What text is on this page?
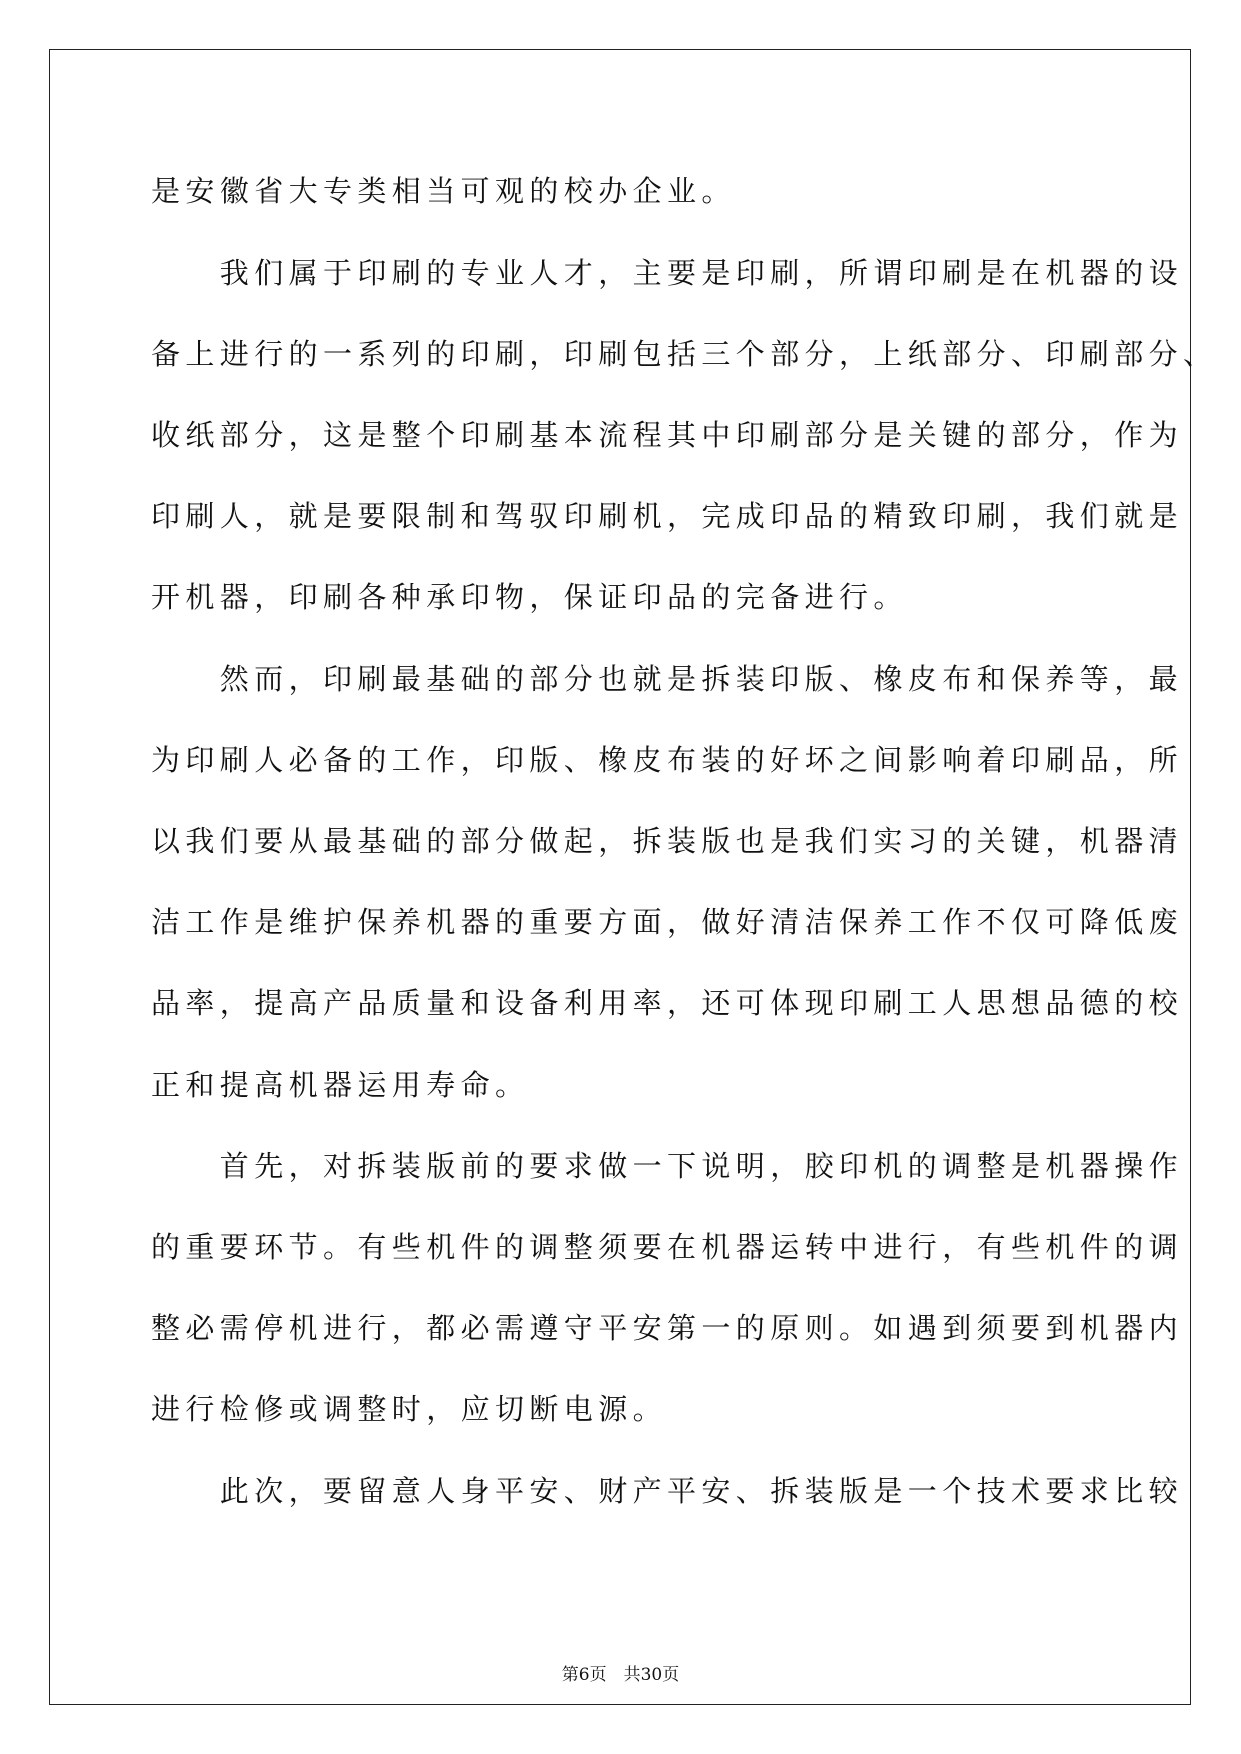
是安徽省大专类相当可观的校办企业。
　　我们属于印刷的专业人才，主要是印刷，所谓印刷是在机器的设
备上进行的一系列的印刷，印刷包括三个部分，上纸部分、印刷部分、
收纸部分，这是整个印刷基本流程其中印刷部分是关键的部分，作为
印刷人，就是要限制和驾驭印刷机，完成印品的精致印刷，我们就是
开机器，印刷各种承印物，保证印品的完备进行。
　　然而，印刷最基础的部分也就是拆装印版、橡皮布和保养等，最
为印刷人必备的工作，印版、橡皮布装的好坏之间影响着印刷品，所
以我们要从最基础的部分做起，拆装版也是我们实习的关键，机器清
洁工作是维护保养机器的重要方面，做好清洁保养工作不仅可降低废
品率，提高产品质量和设备利用率，还可体现印刷工人思想品德的校
正和提高机器运用寿命。
　　首先，对拆装版前的要求做一下说明，胶印机的调整是机器操作
的重要环节。有些机件的调整须要在机器运转中进行，有些机件的调
整必需停机进行，都必需遵守平安第一的原则。如遇到须要到机器内
进行检修或调整时，应切断电源。
　　此次，要留意人身平安、财产平安、拆装版是一个技术要求比较
第6页　共30页
